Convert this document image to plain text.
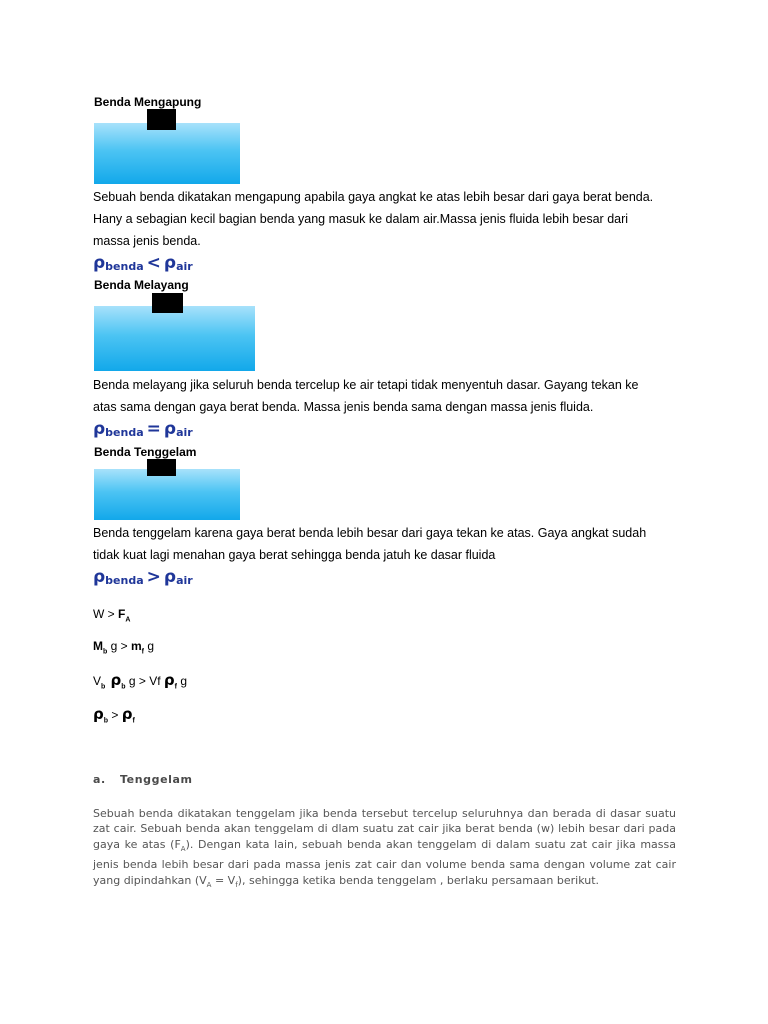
Benda Mengapung
Sebuah benda dikatakan mengapung apabila gaya angkat ke atas lebih besar dari gaya berat benda.
Hany a sebagian kecil bagian benda yang masuk ke dalam air.Massa jenis fluida lebih besar dari
massa jenis benda.
ρbenda < ρair
Benda Melayang
Benda melayang jika seluruh benda tercelup ke air tetapi tidak menyentuh dasar. Gayang tekan ke
atas sama dengan gaya berat benda. Massa jenis benda sama dengan massa jenis fluida.
ρbenda = ρair
Benda Tenggelam
Benda tenggelam karena gaya berat benda lebih besar dari gaya tekan ke atas. Gaya angkat sudah
tidak kuat lagi menahan gaya berat sehingga benda jatuh ke dasar fluida
ρbenda > ρair
$W > F_A$
$M_b$ $g > m_f$ g
$V_b$ $\rho_b$ g > Vf $\rho_f$ g
$\rho_b > \rho_f$
a. Tenggelam
Sebuah benda dikatakan tenggelam jika benda tersebut tercelup seluruhnya dan berada di dasar suatu zat cair. Sebuah benda akan tenggelam di dlam suatu zat cair jika berat benda (w) lebih besar dari pada gaya ke atas $(F_A)$. Dengan kata lain, sebuah benda akan tenggelam di dalam suatu zat cair jika massa jenis benda lebih besar dari pada massa jenis zat cair dan volume benda sama dengan volume zat cair yang dipindahkan $(V_A = V_f)$, sehingga ketika benda tenggelam , berlaku persamaan berikut.
